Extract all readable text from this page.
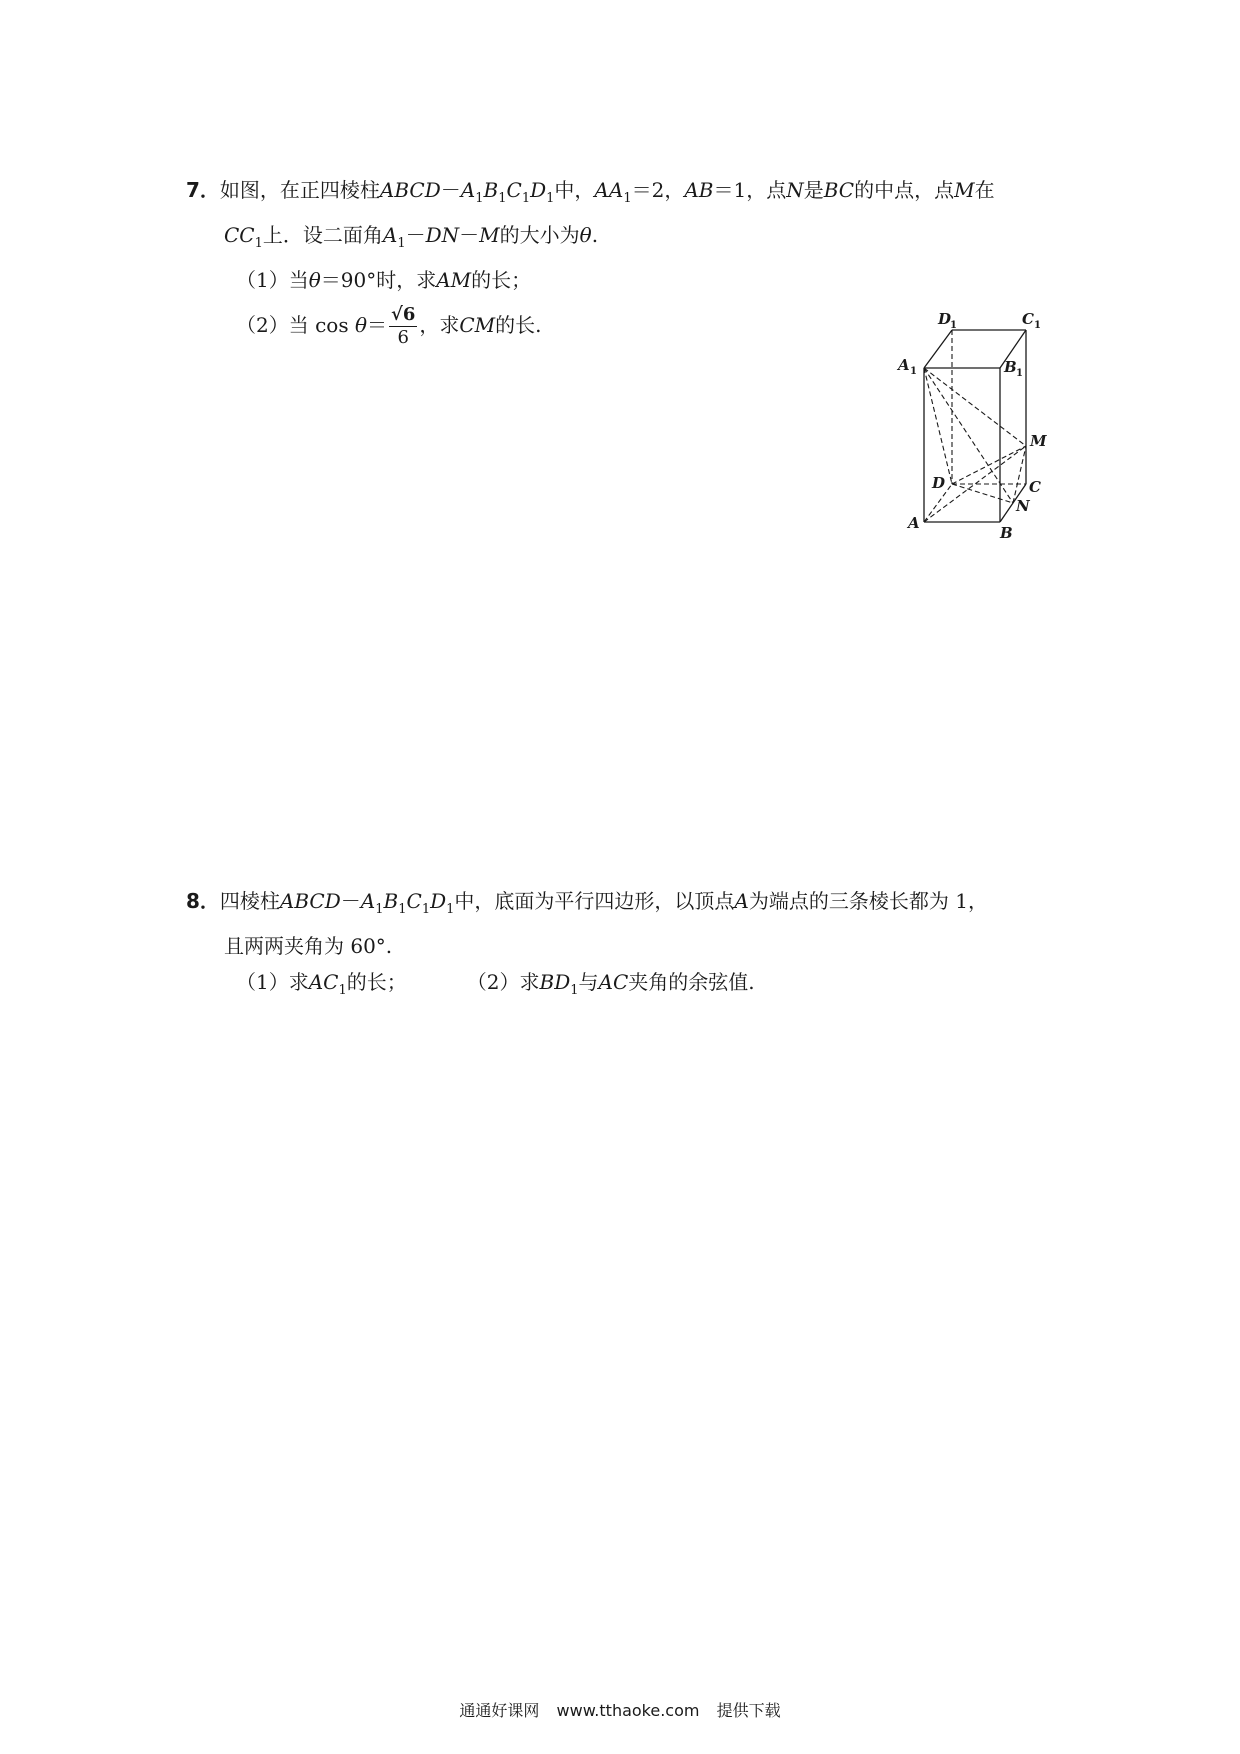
7．如图，在正四棱柱$ABCD-A_1B_1C_1D_1$中，$AA_1=2$，AB＝1，点N是BC的中点，点M在
$CC_1$上．设二面角$A_1-DN-M$的大小为θ.
（1）当θ＝90°时，求AM的长；
（2）当 $\cos \theta= \frac{√6}{6}$ ，求CM的长.	D
1	C 1
A 1	B 1
M
D	C
N
A
B
8．四棱柱$ABCD-A_1B_1C_1D_1$中，底面为平行四边形，以顶点A为端点的三条棱长都为 1，
且两两夹角为 60°.
（1）求$AC_1$的长；	（2）求$BD_1$与AC夹角的余弦值.
通通好课网 www.tthaoke.com 提供下载
